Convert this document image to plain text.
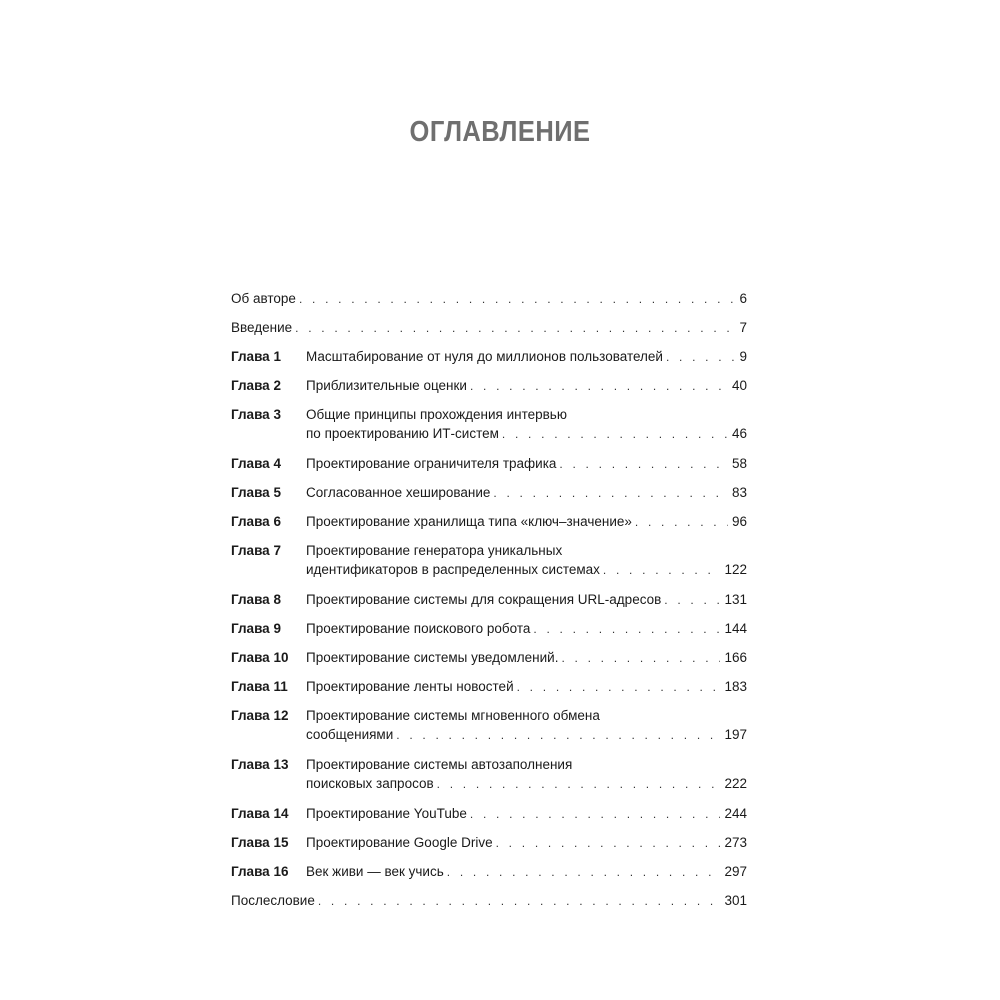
ОГЛАВЛЕНИЕ
Об авторе . . .	6
Введение . . .	7
Глава 1	Масштабирование от нуля до миллионов пользователей . . .	9
Глава 2	Приблизительные оценки . . .	40
Глава 3	Общие принципы прохождения интервью
по проектированию ИТ-систем . . .	46
Глава 4	Проектирование ограничителя трафика . . .	58
Глава 5	Согласованное хеширование . . .	83
Глава 6	Проектирование хранилища типа «ключ–значение» . . .	96
Глава 7	Проектирование генератора уникальных
идентификаторов в распределенных системах . . .	122
Глава 8	Проектирование системы для сокращения URL-адресов . . .	131
Глава 9	Проектирование поискового робота . . .	144
Глава 10	Проектирование системы уведомлений. . . .	166
Глава 11	Проектирование ленты новостей . . .	183
Глава 12	Проектирование системы мгновенного обмена
сообщениями . . .	197
Глава 13	Проектирование системы автозаполнения
поисковых запросов . . .	222
Глава 14	Проектирование YouTube . . .	244
Глава 15	Проектирование Google Drive . . .	273
Глава 16	Век живи — век учись . . .	297
Послесловие . . .	301
